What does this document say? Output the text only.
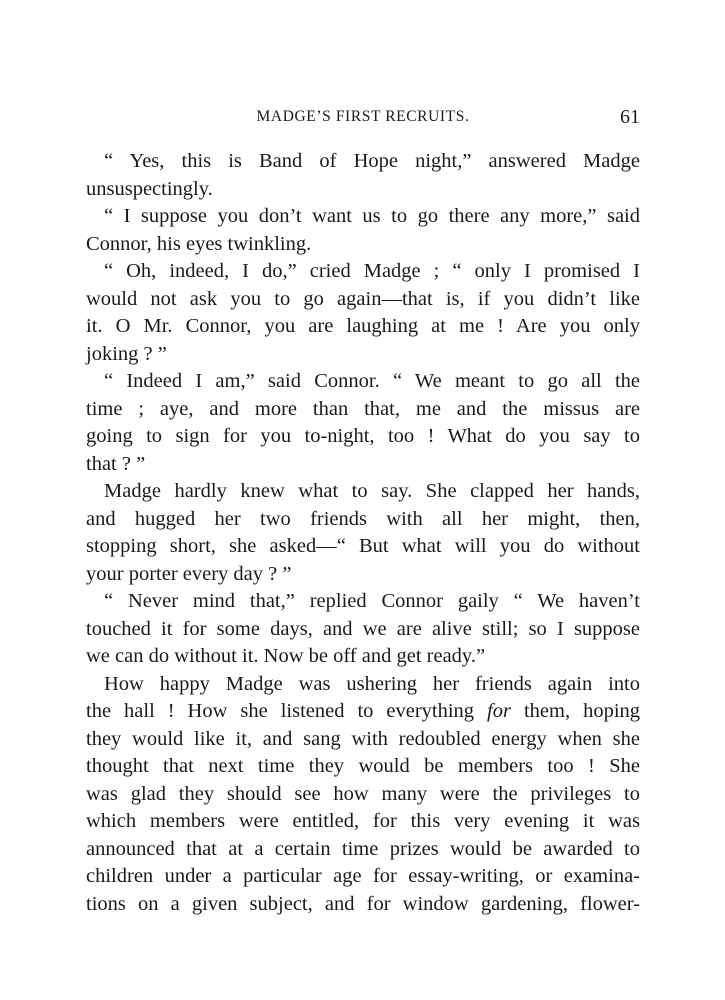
MADGE’S FIRST RECRUITS.	61
“ Yes, this is Band of Hope night,” answered Madge
unsuspectingly.
“ I suppose you don’t want us to go there any more,” said
Connor, his eyes twinkling.
“ Oh, indeed, I do,” cried Madge ; “ only I promised I
would not ask you to go again—that is, if you didn’t like
it. O Mr. Connor, you are laughing at me ! Are you only
joking ? ”
“ Indeed I am,” said Connor. “ We meant to go all the
time ; aye, and more than that, me and the missus are
going to sign for you to-night, too ! What do you say to
that ? ”
Madge hardly knew what to say. She clapped her hands,
and hugged her two friends with all her might, then,
stopping short, she asked—“ But what will you do without
your porter every day ? ”
“ Never mind that,” replied Connor gaily “ We haven’t
touched it for some days, and we are alive still; so I suppose
we can do without it. Now be off and get ready.”
How happy Madge was ushering her friends again into
the hall ! How she listened to everything for them, hoping
they would like it, and sang with redoubled energy when she
thought that next time they would be members too ! She
was glad they should see how many were the privileges to
which members were entitled, for this very evening it was
announced that at a certain time prizes would be awarded to
children under a particular age for essay-writing, or examina-
tions on a given subject, and for window gardening, flower-
